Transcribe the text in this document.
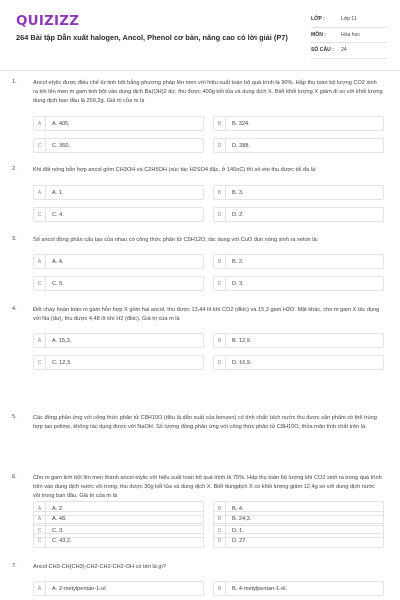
QUIZIZZ
264 Bài tập Dẫn xuất halogen, Ancol, Phenol cơ bản, nâng cao có lời giải (P7)
LỚP :	Lớp 11
MÔN :	Hóa học
SỐ CÂU :	24
1.	Ancol etylic được điều chế từ tinh bột bằng phương pháp lên men với hiệu suất toàn bộ quá trình là 90%. Hấp thụ toàn bộ lượng CO2 sinh ra khi lên men m gam tinh bột vào dung dịch Ba(OH)2 dư, thu được 400g kết tủa và dung dịch X. Biết khối lượng X giảm đi so với khối lượng dung dịch ban đầu là 259,2g. Giá trị của m là
A	A. 405.	B	B. 324.
C	C. 360.	D	D. 288.
2.	Khi đốt nóng hỗn hợp ancol gồm CH3OH và C2H5OH (xúc tác H2SO4 đặc, ở 140oC) thì số ete thu được tối đa là:
A	A. 1.	B	B. 3.
C	C. 4.	D	D. 2.
3.	Số ancol đồng phân cấu tạo của nhau có công thức phân tử C5H12O, tác dụng với CuO đun nóng sinh ra xeton là:
A	A. 4.	B	B. 2.
C	C. 5.	D	D. 3.
4.	Đốt cháy hoàn toàn m gam hỗn hợp X gồm hai ancol, thu được 13,44 lít khí CO2 (đktc) và 15,3 gam H2O. Mặt khác, cho m gam X tác dụng với Na (dư), thu được 4,48 lít khí H2 (đktc). Giá trị của m là
A	A. 15,3.	B	B. 12,9.
C	C. 12,3.	D	D. 16,9.
5.	Các đồng phân ứng với công thức phân tử C8H10O (đều là dẫn xuất của benzen) có tính chất: tách nước thu được sản phẩm có thể trùng hợp tạo polime, không tác dụng được với NaOH. Số lượng đồng phân ứng với công thức phân tử C8H10O, thỏa mãn tính chất trên là:
A	A. 2.	B	B. 4.
C	C. 3.	D	D. 1.
6.	Cho m gam tinh bột lên men thành ancol etylic với hiệu suất toàn bộ quá trình là 75%. Hấp thụ toàn bộ lượng khí CO2 sinh ra trong quá trình trên vào dung dịch nước vôi trong, thu được 30g kết tủa và dung dịch X. Biết dungdịch X có khối lượng giảm 12,4g so với dung dịch nước vôi trong ban đầu. Giá trị của m là
A	A. 48.	B	B. 24,3.
C	C. 43,2.	D	D. 27.
7.	Ancol CH3-CH(CH3)-CH2-CH2-CH2-OH có tên là gì?
A	A. 2-metylpentan-1-ol.	B	B. 4-metylpentan-1-ol.
